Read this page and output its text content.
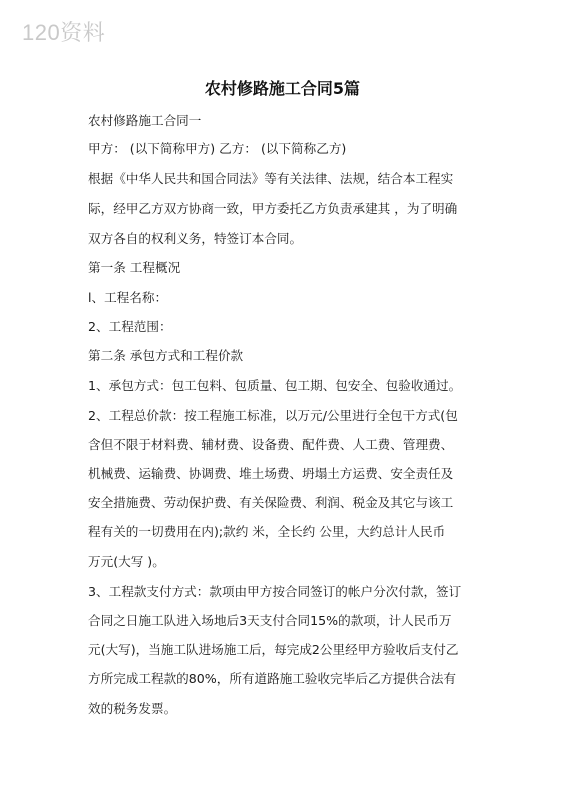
120资料
农村修路施工合同5篇
农村修路施工合同一
甲方： (以下简称甲方) 乙方： (以下简称乙方)
根据《中华人民共和国合同法》等有关法律、法规，结合本工程实
际，经甲乙方双方协商一致，甲方委托乙方负责承建其 ，为了明确
双方各自的权利义务，特签订本合同。
第一条 工程概况
l、工程名称：
2、工程范围：
第二条 承包方式和工程价款
1、承包方式：包工包料、包质量、包工期、包安全、包验收通过。
2、工程总价款：按工程施工标准，以万元/公里进行全包干方式(包
含但不限于材料费、辅材费、设备费、配件费、人工费、管理费、
机械费、运输费、协调费、堆土场费、坍塌土方运费、安全责任及
安全措施费、劳动保护费、有关保险费、利润、税金及其它与该工
程有关的一切费用在内);款约 米，全长约 公里，大约总计人民币
万元(大写 )。
3、工程款支付方式：款项由甲方按合同签订的帐户分次付款，签订
合同之日施工队进入场地后3天支付合同15%的款项，计人民币万
元(大写)，当施工队进场施工后，每完成2公里经甲方验收后支付乙
方所完成工程款的80%，所有道路施工验收完毕后乙方提供合法有
效的税务发票。
